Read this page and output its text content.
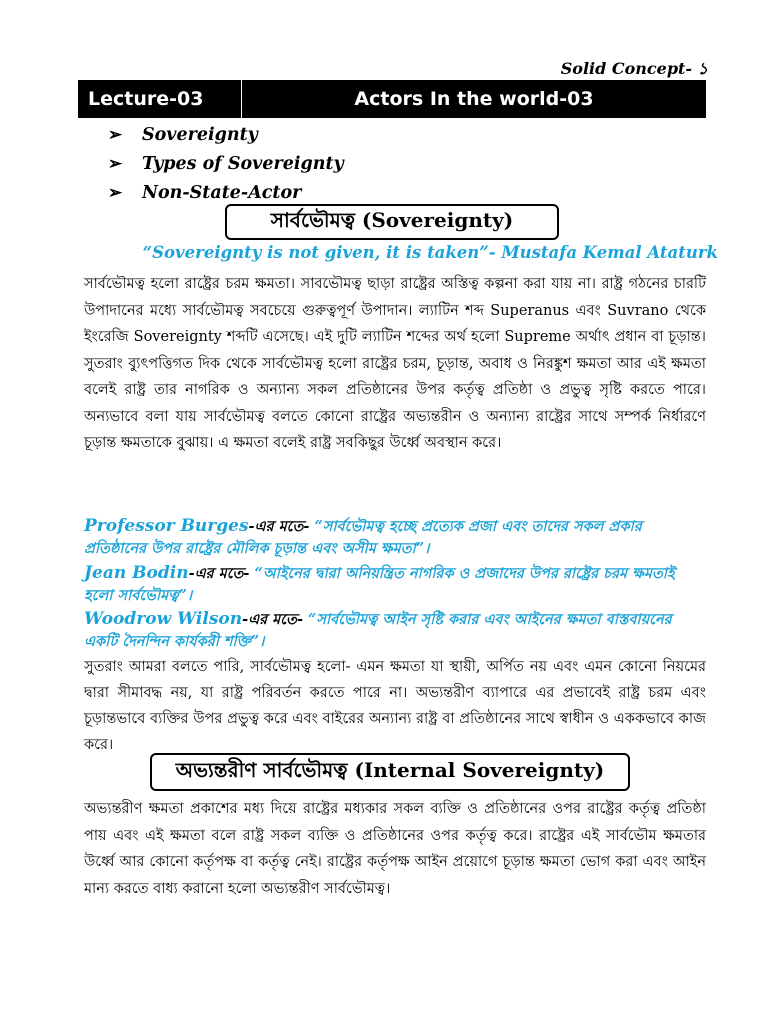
Solid Concept- ১
Lecture-03	Actors In the world-03
➢	Sovereignty
➢	Types of Sovereignty
➢	Non-State-Actor
সার্বভৌমত্ব (Sovereignty)
“Sovereignty is not given, it is taken”- Mustafa Kemal Ataturk
সার্বভৌমত্ব হলো রাষ্ট্রের চরম ক্ষমতা। সাবভৌমত্ব ছাড়া রাষ্ট্রের অস্তিত্ব কল্পনা করা যায় না। রাষ্ট্র গঠনের চারটি উপাদানের মধ্যে সার্বভৌমত্ব সবচেয়ে গুরুত্বপূর্ণ উপাদান। ল্যাটিন শব্দ Superanus এবং Suvrano থেকে ইংরেজি Sovereignty শব্দটি এসেছে। এই দুটি ল্যাটিন শব্দের অর্থ হলো Supreme অর্থাৎ প্রধান বা চূড়ান্ত। সুতরাং ব্যুৎপত্তিগত দিক থেকে সার্বভৌমত্ব হলো রাষ্ট্রের চরম, চূড়ান্ত, অবাধ ও নিরঙ্কুশ ক্ষমতা আর এই ক্ষমতা বলেই রাষ্ট্র তার নাগরিক ও অন্যান্য সকল প্রতিষ্ঠানের উপর কর্তৃত্ব প্রতিষ্ঠা ও প্রভুত্ব সৃষ্টি করতে পারে। অন্যভাবে বলা যায় সার্বভৌমত্ব বলতে কোনো রাষ্ট্রের অভ্যন্তরীন ও অন্যান্য রাষ্ট্রের সাথে সম্পর্ক নির্ধারণে চূড়ান্ত ক্ষমতাকে বুঝায়। এ ক্ষমতা বলেই রাষ্ট্র সবকিছুর উর্ধ্বে অবস্থান করে।
Professor Burges-এর মতে- “সার্বভৌমত্ব হচ্ছে প্রত্যেক প্রজা এবং তাদের সকল প্রকার প্রতিষ্ঠানের উপর রাষ্ট্রের মৌলিক চূড়ান্ত এবং অসীম ক্ষমতা”।
Jean Bodin-এর মতে- “আইনের দ্বারা অনিয়ন্ত্রিত নাগরিক ও প্রজাদের উপর রাষ্ট্রের চরম ক্ষমতাই হলো সার্বভৌমত্ব”।
Woodrow Wilson-এর মতে- “সার্বভৌমত্ব আইন সৃষ্টি করার এবং আইনের ক্ষমতা বাস্তবায়নের একটি দৈনন্দিন কার্যকরী শক্তি”।
সুতরাং আমরা বলতে পারি, সার্বভৌমত্ব হলো- এমন ক্ষমতা যা স্থায়ী, অর্পিত নয় এবং এমন কোনো নিয়মের দ্বারা সীমাবদ্ধ নয়, যা রাষ্ট্র পরিবর্তন করতে পারে না। অভ্যন্তরীণ ব্যাপারে এর প্রভাবেই রাষ্ট্র চরম এবং চূড়ান্তভাবে ব্যক্তির উপর প্রভুত্ব করে এবং বাইরের অন্যান্য রাষ্ট্র বা প্রতিষ্ঠানের সাথে স্বাধীন ও এককভাবে কাজ করে।
অভ্যন্তরীণ সার্বভৌমত্ব (Internal Sovereignty)
অভ্যন্তরীণ ক্ষমতা প্রকাশের মধ্য দিয়ে রাষ্ট্রের মধ্যকার সকল ব্যক্তি ও প্রতিষ্ঠানের ওপর রাষ্ট্রের কর্তৃত্ব প্রতিষ্ঠা পায় এবং এই ক্ষমতা বলে রাষ্ট্র সকল ব্যক্তি ও প্রতিষ্ঠানের ওপর কর্তৃত্ব করে। রাষ্ট্রের এই সার্বভৌম ক্ষমতার উর্ধ্বে আর কোনো কর্তৃপক্ষ বা কর্তৃত্ব নেই। রাষ্ট্রের কর্তৃপক্ষ আইন প্রয়োগে চূড়ান্ত ক্ষমতা ভোগ করা এবং আইন মান্য করতে বাধ্য করানো হলো অভ্যন্তরীণ সার্বভৌমত্ব।
